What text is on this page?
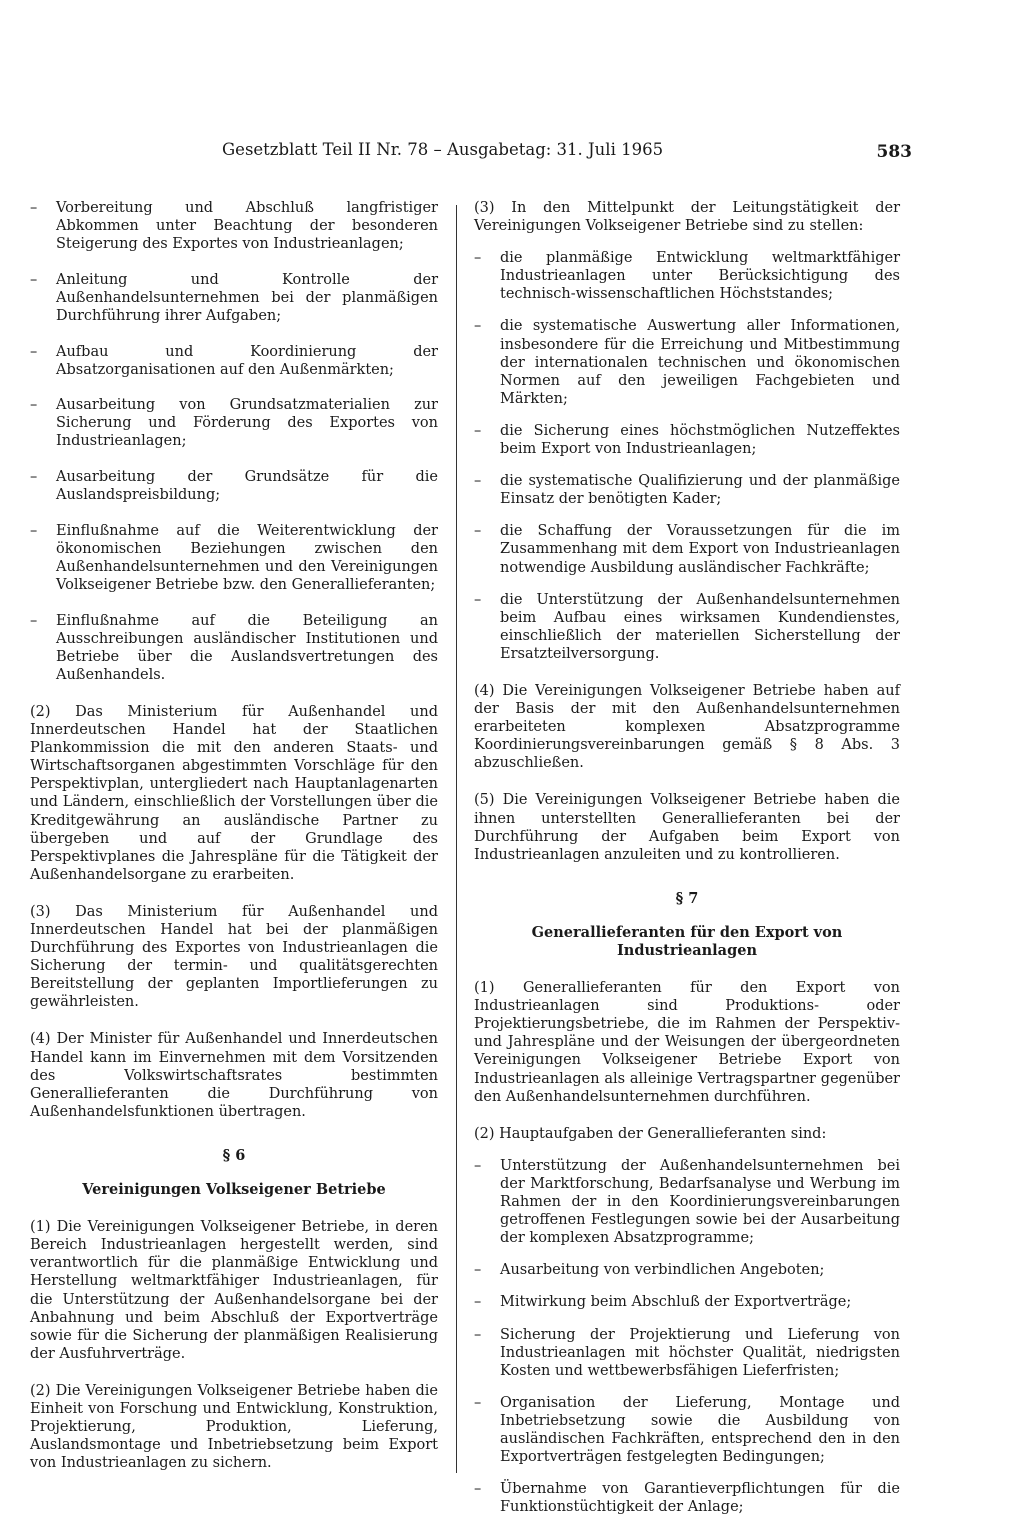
Gesetzblatt Teil II Nr. 78 – Ausgabetag: 31. Juli 1965	583
– Vorbereitung und Abschluß langfristiger Abkommen unter Beachtung der besonderen Steigerung des Exportes von Industrieanlagen;
– Anleitung und Kontrolle der Außenhandelsunternehmen bei der planmäßigen Durchführung ihrer Aufgaben;
– Aufbau und Koordinierung der Absatzorganisationen auf den Außenmärkten;
– Ausarbeitung von Grundsatzmaterialien zur Sicherung und Förderung des Exportes von Industrieanlagen;
– Ausarbeitung der Grundsätze für die Auslandspreisbildung;
– Einflußnahme auf die Weiterentwicklung der ökonomischen Beziehungen zwischen den Außenhandelsunternehmen und den Vereinigungen Volkseigener Betriebe bzw. den Generallieferanten;
– Einflußnahme auf die Beteiligung an Ausschreibungen ausländischer Institutionen und Betriebe über die Auslandsvertretungen des Außenhandels.

(2) Das Ministerium für Außenhandel und Innerdeutschen Handel hat der Staatlichen Plankommission die mit den anderen Staats- und Wirtschaftsorganen abgestimmten Vorschläge für den Perspektivplan, untergliedert nach Hauptanlagenarten und Ländern, einschließlich der Vorstellungen über die Kreditgewährung an ausländische Partner zu übergeben und auf der Grundlage des Perspektivplanes die Jahrespläne für die Tätigkeit der Außenhandelsorgane zu erarbeiten.

(3) Das Ministerium für Außenhandel und Innerdeutschen Handel hat bei der planmäßigen Durchführung des Exportes von Industrieanlagen die Sicherung der termin- und qualitätsgerechten Bereitstellung der geplanten Importlieferungen zu gewährleisten.

(4) Der Minister für Außenhandel und Innerdeutschen Handel kann im Einvernehmen mit dem Vorsitzenden des Volkswirtschaftsrates bestimmten Generallieferanten die Durchführung von Außenhandelsfunktionen übertragen.

§ 6
Vereinigungen Volkseigener Betriebe

(1) Die Vereinigungen Volkseigener Betriebe, in deren Bereich Industrieanlagen hergestellt werden, sind verantwortlich für die planmäßige Entwicklung und Herstellung weltmarktfähiger Industrieanlagen, für die Unterstützung der Außenhandelsorgane bei der Anbahnung und beim Abschluß der Exportverträge sowie für die Sicherung der planmäßigen Realisierung der Ausfuhrverträge.

(2) Die Vereinigungen Volkseigener Betriebe haben die Einheit von Forschung und Entwicklung, Konstruktion, Projektierung, Produktion, Lieferung, Auslandsmontage und Inbetriebsetzung beim Export von Industrieanlagen zu sichern.

(3) In den Mittelpunkt der Leitungstätigkeit der Vereinigungen Volkseigener Betriebe sind zu stellen:

– die planmäßige Entwicklung weltmarktfähiger Industrieanlagen unter Berücksichtigung des technisch-wissenschaftlichen Höchststandes;
– die systematische Auswertung aller Informationen, insbesondere für die Erreichung und Mitbestimmung der internationalen technischen und ökonomischen Normen auf den jeweiligen Fachgebieten und Märkten;
– die Sicherung eines höchstmöglichen Nutzeffektes beim Export von Industrieanlagen;
– die systematische Qualifizierung und der planmäßige Einsatz der benötigten Kader;
– die Schaffung der Voraussetzungen für die im Zusammenhang mit dem Export von Industrieanlagen notwendige Ausbildung ausländischer Fachkräfte;
– die Unterstützung der Außenhandelsunternehmen beim Aufbau eines wirksamen Kundendienstes, einschließlich der materiellen Sicherstellung der Ersatzteilversorgung.

(4) Die Vereinigungen Volkseigener Betriebe haben auf der Basis der mit den Außenhandelsunternehmen erarbeiteten komplexen Absatzprogramme Koordinierungsvereinbarungen gemäß § 8 Abs. 3 abzuschließen.

(5) Die Vereinigungen Volkseigener Betriebe haben die ihnen unterstellten Generallieferanten bei der Durchführung der Aufgaben beim Export von Industrieanlagen anzuleiten und zu kontrollieren.

§ 7
Generallieferanten für den Export von Industrieanlagen

(1) Generallieferanten für den Export von Industrieanlagen sind Produktions- oder Projektierungsbetriebe, die im Rahmen der Perspektiv- und Jahrespläne und der Weisungen der übergeordneten Vereinigungen Volkseigener Betriebe Export von Industrieanlagen als alleinige Vertragspartner gegenüber den Außenhandelsunternehmen durchführen.

(2) Hauptaufgaben der Generallieferanten sind:

– Unterstützung der Außenhandelsunternehmen bei der Marktforschung, Bedarfsanalyse und Werbung im Rahmen der in den Koordinierungsvereinbarungen getroffenen Festlegungen sowie bei der Ausarbeitung der komplexen Absatzprogramme;
– Ausarbeitung von verbindlichen Angeboten;
– Mitwirkung beim Abschluß der Exportverträge;
– Sicherung der Projektierung und Lieferung von Industrieanlagen mit höchster Qualität, niedrigsten Kosten und wettbewerbsfähigen Lieferfristen;
– Organisation der Lieferung, Montage und Inbetriebsetzung sowie die Ausbildung von ausländischen Fachkräften, entsprechend den in den Exportverträgen festgelegten Bedingungen;
– Übernahme von Garantieverpflichtungen für die Funktionstüchtigkeit der Anlage;
